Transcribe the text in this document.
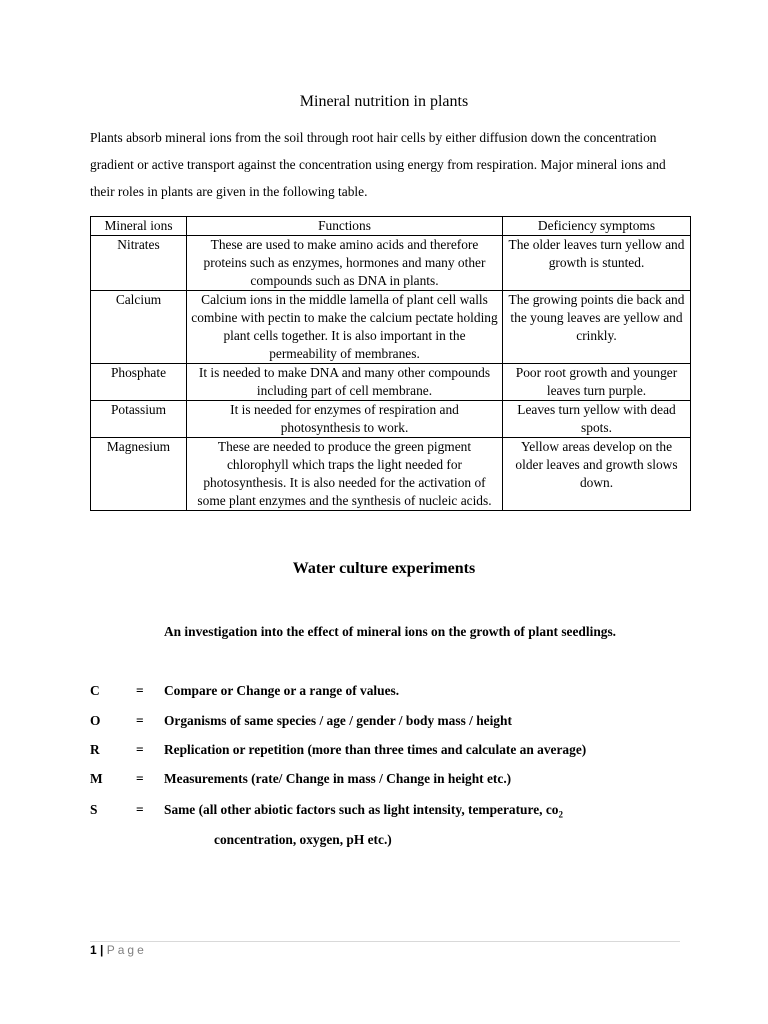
Mineral nutrition in plants

Plants absorb mineral ions from the soil through root hair cells by either diffusion down the concentration gradient or active transport against the concentration using energy from respiration. Major mineral ions and their roles in plants are given in the following table.

Mineral ions	Functions	Deficiency symptoms
Nitrates	These are used to make amino acids and therefore proteins such as enzymes, hormones and many other compounds such as DNA in plants.	The older leaves turn yellow and growth is stunted.
Calcium	Calcium ions in the middle lamella of plant cell walls combine with pectin to make the calcium pectate holding plant cells together. It is also important in the permeability of membranes.	The growing points die back and the young leaves are yellow and crinkly.
Phosphate	It is needed to make DNA and many other compounds including part of cell membrane.	Poor root growth and younger leaves turn purple.
Potassium	It is needed for enzymes of respiration and photosynthesis to work.	Leaves turn yellow with dead spots.
Magnesium	These are needed to produce the green pigment chlorophyll which traps the light needed for photosynthesis. It is also needed for the activation of some plant enzymes and the synthesis of nucleic acids.	Yellow areas develop on the older leaves and growth slows down.
Water culture experiments
An investigation into the effect of mineral ions on the growth of plant seedlings.
C	= Compare or Change or a range of values.
O	= Organisms of same species / age / gender / body mass / height
R	= Replication or repetition (more than three times and calculate an average)
M = Measurements (rate/ Change in mass / Change in height etc.)
S	= Same (all other abiotic factors such as light intensity, temperature, $co_2$
concentration, oxygen, pH etc.)
1 | Page
